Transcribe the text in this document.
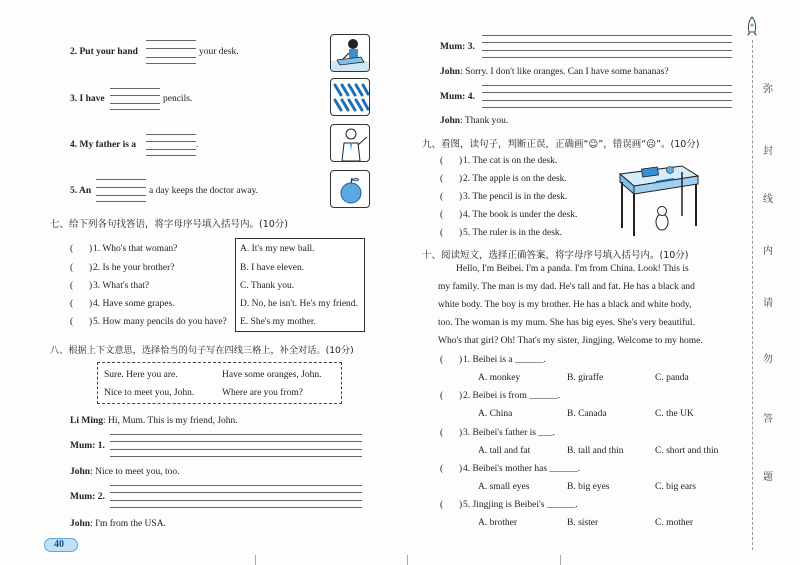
2. Put your hand	your desk.
3. I have	pencils.
4. My father is a	.
5. An	a day keeps the doctor away.
七、给下列各句找答语，将字母序号填入括号内。(10分)
( ) 1. Who's that woman?
( ) 2. Is he your brother?
( ) 3. What's that?
( ) 4. Have some grapes.
( ) 5. How many pencils do you have?
A. It's my new ball.
B. I have eleven.
C. Thank you.
D. No, he isn't. He's my friend.
E. She's my mother.
八、根据上下文意思，选择恰当的句子写在四线三格上，补全对话。(10分)
Sure. Here you are.	Have some oranges, John.
Nice to meet you, John.	Where are you from?
Li Ming: Hi, Mum. This is my friend, John.
Mum: 1.
John: Nice to meet you, too.
Mum: 2.
John: I'm from the USA.
40
Mum: 3.
John: Sorry. I don't like oranges. Can I have some bananas?
Mum: 4.
John: Thank you.
九、看图，读句子，判断正误，正确画“☺”，错误画“☹”。(10分)
( ) 1. The cat is on the desk.
( ) 2. The apple is on the desk.
( ) 3. The pencil is in the desk.
( ) 4. The book is under the desk.
( ) 5. The ruler is in the desk.
十、阅读短文，选择正确答案，将字母序号填入括号内。(10分)
Hello, I'm Beibei. I'm a panda. I'm from China. Look! This is
my family. The man is my dad. He's tall and fat. He has a black and
white body. The boy is my brother. He has a black and white body,
too. The woman is my mum. She has big eyes. She's very beautiful.
Who's that girl? Oh! That's my sister, Jingjing. Welcome to my home.
( ) 1. Beibei is a ______.
A. monkey	B. giraffe	C. panda
( ) 2. Beibei is from ______.
A. China	B. Canada	C. the UK
( ) 3. Beibei's father is ___.
A. tall and fat	B. tall and thin	C. short and thin
( ) 4. Beibei's mother has ______.
A. small eyes	B. big eyes	C. big ears
( ) 5. Jingjing is Beibei's ______.
A. brother	B. sister	C. mother
弥
封
线
内
请
勿
答
题
